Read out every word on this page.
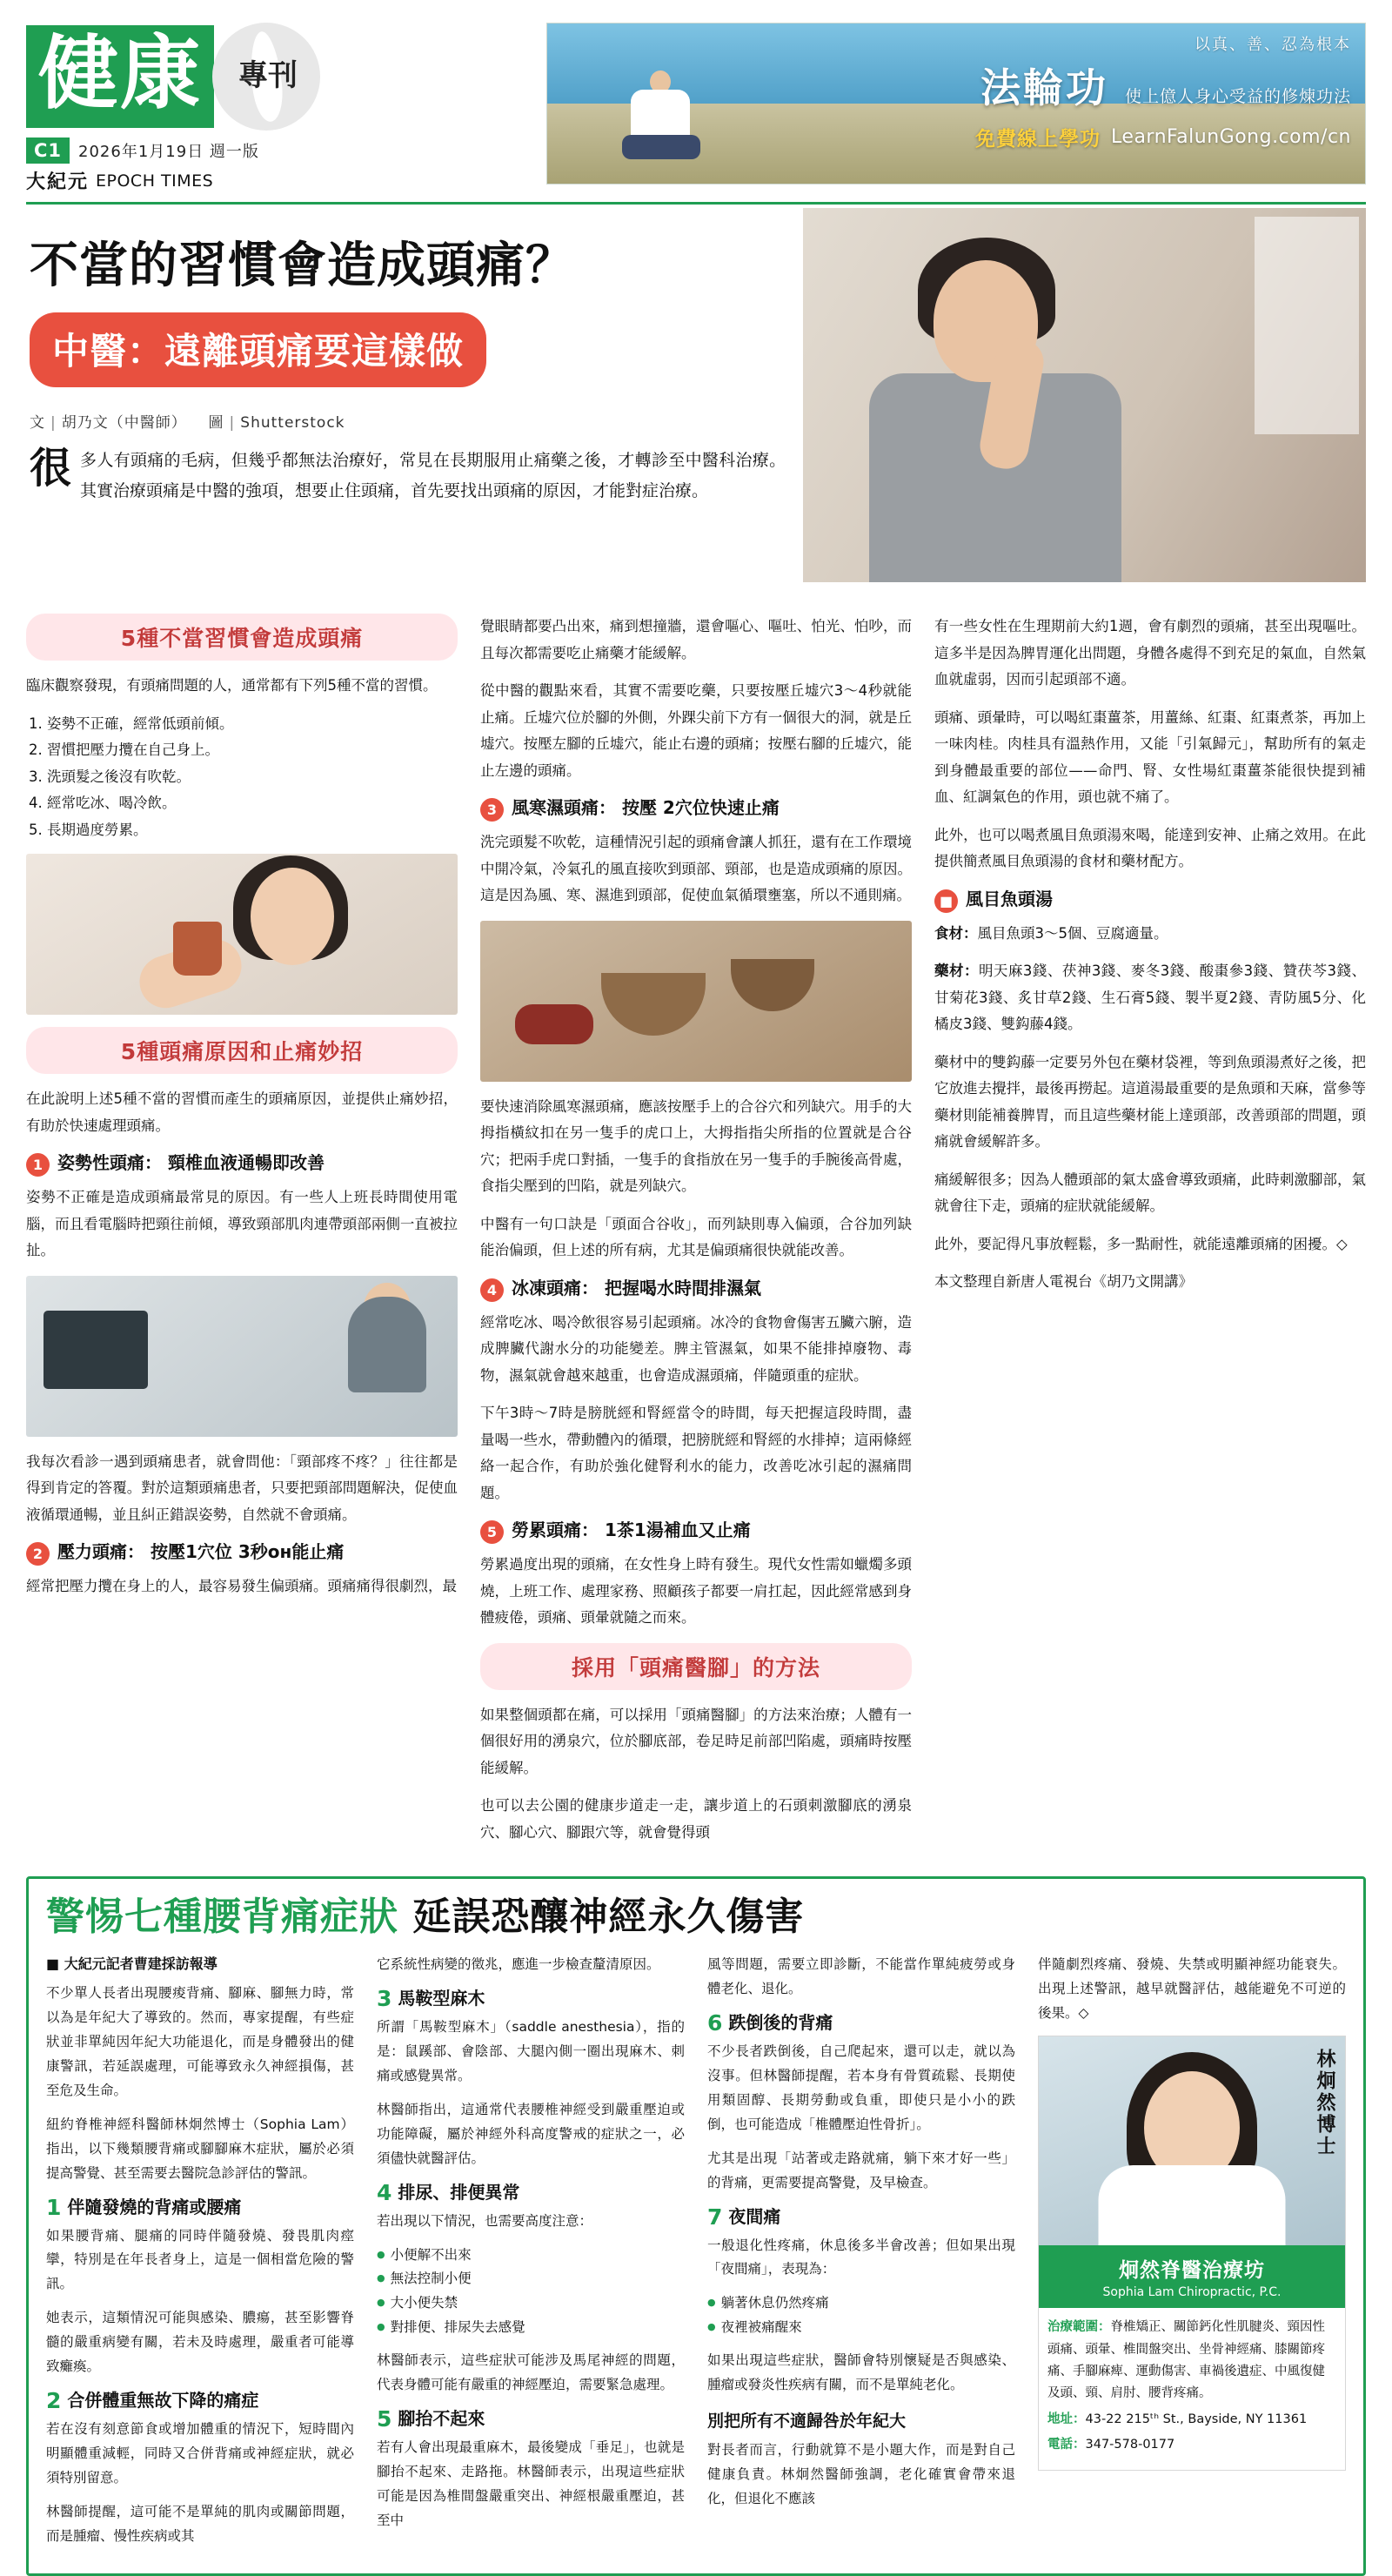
健康	專刊
C1	2026年1月19日 週一版
大紀元 EPOCH TIMES
以真、善、忍為根本
法輪功 使上億人身心受益的修煉功法
免費線上學功 LearnFalunGong.com/cn
不當的習慣會造成頭痛？
中醫：遠離頭痛要這樣做
文 | 胡乃文（中醫師） 圖 | Shutterstock

很多人有頭痛的毛病，但幾乎都無法治療好，常見在長期服用止痛藥之後，才轉診至中醫科治療。其實治療頭痛是中醫的強項，想要止住頭痛，首先要找出頭痛的原因，才能對症治療。

5種不當習慣會造成頭痛

臨床觀察發現，有頭痛問題的人，通常都有下列5種不當的習慣。

1. 姿勢不正確，經常低頭前傾。
2. 習慣把壓力攬在自己身上。
3. 洗頭髮之後沒有吹乾。
4. 經常吃冰、喝冷飲。
5. 長期過度勞累。
5種頭痛原因和止痛妙招

在此說明上述5種不當的習慣而產生的頭痛原因，並提供止痛妙招，有助於快速處理頭痛。

1 姿勢性頭痛： 頸椎血液通暢即改善

姿勢不正確是造成頭痛最常見的原因。有一些人上班長時間使用電腦，而且看電腦時把頸往前傾，導致頸部肌肉連帶頭部兩側一直被拉扯。

我每次看診一遇到頭痛患者，就會問他：「頸部疼不疼？」往往都是得到肯定的答覆。對於這類頭痛患者，只要把頸部問題解決，促使血液循環通暢，並且糾正錯誤姿勢，自然就不會頭痛。

2 壓力頭痛： 按壓1穴位 3秒он能止痛

經常把壓力攬在身上的人，最容易發生偏頭痛。頭痛痛得很劇烈，最

覺眼睛都要凸出來，痛到想撞牆，還會嘔心、嘔吐、怕光、怕吵，而且每次都需要吃止痛藥才能緩解。

從中醫的觀點來看，其實不需要吃藥，只要按壓丘墟穴3～4秒就能止痛。丘墟穴位於腳的外側，外踝尖前下方有一個很大的洞，就是丘墟穴。按壓左腳的丘墟穴，能止右邊的頭痛；按壓右腳的丘墟穴，能止左邊的頭痛。

3 風寒濕頭痛： 按壓 2穴位快速止痛

洗完頭髮不吹乾，這種情況引起的頭痛會讓人抓狂，還有在工作環境中開冷氣，冷氣孔的風直接吹到頭部、頸部，也是造成頭痛的原因。這是因為風、寒、濕進到頭部，促使血氣循環壅塞，所以不通則痛。

要快速消除風寒濕頭痛，應該按壓手上的合谷穴和列缺穴。用手的大拇指橫紋扣在另一隻手的虎口上，大拇指指尖所指的位置就是合谷穴；把兩手虎口對插，一隻手的食指放在另一隻手的手腕後高骨處，食指尖壓到的凹陷，就是列缺穴。

中醫有一句口訣是「頭面合谷收」，而列缺則專入偏頭，合谷加列缺能治偏頭，但上述的所有病，尤其是偏頭痛很快就能改善。

4 冰凍頭痛： 把握喝水時間排濕氣

經常吃冰、喝冷飲很容易引起頭痛。冰冷的食物會傷害五臟六腑，造成脾臟代謝水分的功能變差。脾主管濕氣，如果不能排掉廢物、毒物，濕氣就會越來越重，也會造成濕頭痛，伴隨頭重的症狀。

下午3時～7時是膀胱經和腎經當令的時間，每天把握這段時間，盡量喝一些水，帶動體內的循環，把膀胱經和腎經的水排掉；這兩條經絡一起合作，有助於強化健腎利水的能力，改善吃冰引起的濕痛問題。

5 勞累頭痛： 1茶1湯補血又止痛

勞累過度出現的頭痛，在女性身上時有發生。現代女性需如蠟燭多頭燒，上班工作、處理家務、照顧孩子都要一肩扛起，因此經常感到身體疲倦，頭痛、頭暈就隨之而來。

採用「頭痛醫腳」的方法

如果整個頭都在痛，可以採用「頭痛醫腳」的方法來治療；人體有一個很好用的湧泉穴，位於腳底部，卷足時足前部凹陷處，頭痛時按壓能緩解。

也可以去公園的健康步道走一走，讓步道上的石頭刺激腳底的湧泉穴、腳心穴、腳跟穴等，就會覺得頭

有一些女性在生理期前大約1週，會有劇烈的頭痛，甚至出現嘔吐。這多半是因為脾胃運化出問題，身體各處得不到充足的氣血，自然氣血就虛弱，因而引起頭部不適。

頭痛、頭暈時，可以喝紅棗薑茶，用薑絲、紅棗、紅棗煮茶，再加上一味肉桂。肉桂具有溫熱作用，又能「引氣歸元」，幫助所有的氣走到身體最重要的部位——命門、腎、女性場紅棗薑茶能很快提到補血、紅調氣色的作用，頭也就不痛了。

此外，也可以喝煮風目魚頭湯來喝，能達到安神、止痛之效用。在此提供簡煮風目魚頭湯的食材和藥材配方。

■ 風目魚頭湯

食材：風目魚頭3～5個、豆腐適量。

藥材：明天麻3錢、茯神3錢、麥冬3錢、酸棗參3錢、贊茯芩3錢、甘菊花3錢、炙甘草2錢、生石膏5錢、製半夏2錢、青防風5分、化橘皮3錢、雙鈎藤4錢。

藥材中的雙鈎藤一定要另外包在藥材袋裡，等到魚頭湯煮好之後，把它放進去攪拌，最後再撈起。這道湯最重要的是魚頭和天麻，當參等藥材則能補養脾胃，而且這些藥材能上達頭部，改善頭部的問題，頭痛就會緩解許多。

痛緩解很多；因為人體頭部的氣太盛會導致頭痛，此時刺激腳部，氣就會往下走，頭痛的症狀就能緩解。

此外，要記得凡事放輕鬆，多一點耐性，就能遠離頭痛的困擾。◇

本文整理自新唐人電視台《胡乃文開講》

警惕七種腰背痛症狀 延誤恐釀神經永久傷害
■ 大紀元記者曹建採訪報導

不少單人長者出現腰痠背痛、腳麻、腳無力時，常以為是年紀大了導致的。然而，專家提醒，有些症狀並非單純因年紀大功能退化，而是身體發出的健康警訊，若延誤處理，可能導致永久神經損傷，甚至危及生命。

紐約脊椎神經科醫師林炯然博士（Sophia Lam）指出，以下幾類腰背痛或腳腳麻木症狀，屬於必須提高警覺、甚至需要去醫院急診評估的警訊。

1 伴隨發燒的背痛或腰痛

如果腰背痛、腿痛的同時伴隨發燒、發畏肌肉痙攣，特別是在年長者身上，這是一個相當危險的警訊。

她表示，這類情況可能與感染、膿瘍，甚至影響脊髓的嚴重病變有關，若未及時處理，嚴重者可能導致癱瘓。

2 合併體重無故下降的痛症

若在沒有刻意節食或增加體重的情況下，短時間內明顯體重減輕，同時又合併背痛或神經症狀，就必須特別留意。

林醫師提醒，這可能不是單純的肌肉或關節問題，而是腫瘤、慢性疾病或其

它系統性病變的徵兆，應進一步檢查釐清原因。

3 馬鞍型麻木

所謂「馬鞍型麻木」（saddle anesthesia），指的是：鼠蹊部、會陰部、大腿內側一圈出現麻木、刺痛或感覺異常。

林醫師指出，這通常代表腰椎神經受到嚴重壓迫或功能障礙，屬於神經外科高度警戒的症狀之一，必須儘快就醫評估。

4 排尿、排便異常

若出現以下情況，也需要高度注意：

● 小便解不出來
● 無法控制小便
● 大小便失禁
● 對排便、排尿失去感覺

林醫師表示，這些症狀可能涉及馬尾神經的問題，代表身體可能有嚴重的神經壓迫，需要緊急處理。

5 腳抬不起來

若有人會出現最重麻木，最後變成「垂足」，也就是腳抬不起來、走路拖。林醫師表示，出現這些症狀可能是因為椎間盤嚴重突出、神經根嚴重壓迫，甚至中

風等問題，需要立即診斷，不能當作單純疲勞或身體老化、退化。

6 跌倒後的背痛

不少長者跌倒後，自己爬起來，還可以走，就以為沒事。但林醫師提醒，若本身有骨質疏鬆、長期使用類固醇、長期勞動或負重，即使只是小小的跌倒，也可能造成「椎體壓迫性骨折」。

尤其是出現「站著或走路就痛，躺下來才好一些」的背痛，更需要提高警覺，及早檢查。

7 夜間痛

一般退化性疼痛，休息後多半會改善；但如果出現「夜間痛」，表現為：

● 躺著休息仍然疼痛
● 夜裡被痛醒來

如果出現這些症狀，醫師會特別懷疑是否與感染、腫瘤或發炎性疾病有關，而不是單純老化。

別把所有不適歸咎於年紀大

對長者而言，行動就算不是小題大作，而是對自己健康負責。林炯然醫師強調，老化確實會帶來退化，但退化不應該

伴隨劇烈疼痛、發燒、失禁或明顯神經功能衰失。出現上述警訊，越早就醫評估，越能避免不可逆的後果。◇

林炯然博士
炯然脊醫治療坊
Sophia Lam Chiropractic, P.C.
治療範圍：脊椎矯正、關節鈣化性肌腱炎、頸因性頭痛、頭暈、椎間盤突出、坐骨神經痛、膝關節疼痛、手腳麻痺、運動傷害、車禍後遺症、中風復健及頭、頸、肩肘、腰背疼痛。
地址：43-22 215ᵗʰ St., Bayside, NY 11361
電話：347-578-0177
